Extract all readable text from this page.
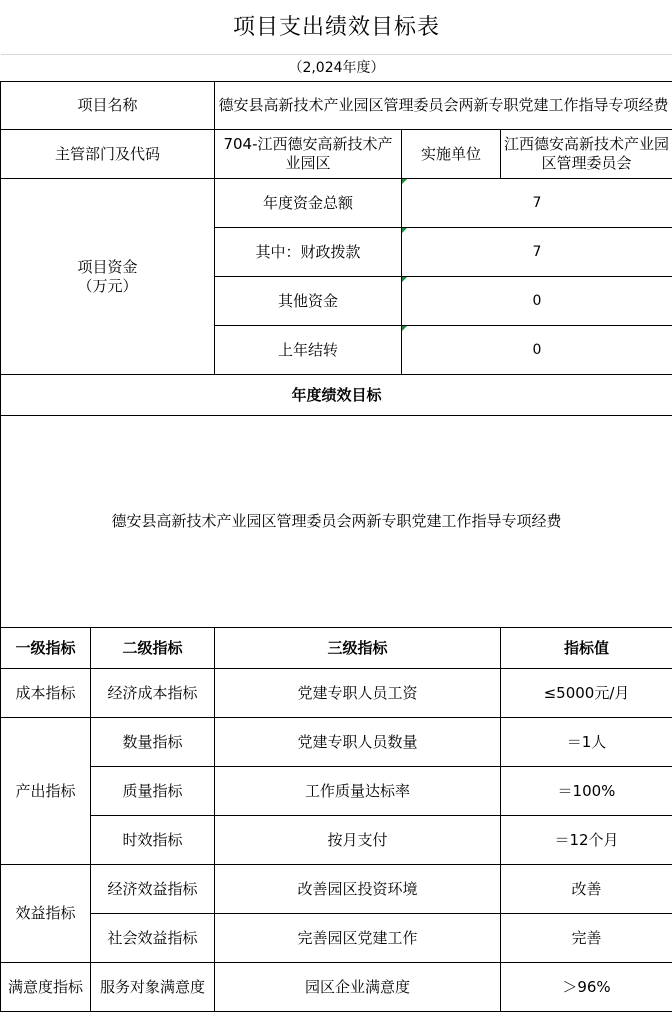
项目支出绩效目标表				
（2,024年度）				
项目名称		德安县高新技术产业园区管理委员会两新专职党建工作指导专项经费		
主管部门及代码		704-江西德安高新技术产业园区	实施单位	江西德安高新技术产业园区管理委员会

项目资金
（万元）		年度资金总额	7	
		其中：财政拨款	7	
		其他资金	0	
		上年结转	0	
年度绩效目标				
德安县高新技术产业园区管理委员会两新专职党建工作指导专项经费				
一级指标	二级指标	三级指标		指标值
成本指标	经济成本指标	党建专职人员工资		≤5000元/月
产出指标	数量指标	党建专职人员数量		＝1人
	质量指标	工作质量达标率		＝100%
	时效指标	按月支付		＝12个月
效益指标	经济效益指标	改善园区投资环境		改善
	社会效益指标	完善园区党建工作		完善
满意度指标	服务对象满意度	园区企业满意度		＞96%
